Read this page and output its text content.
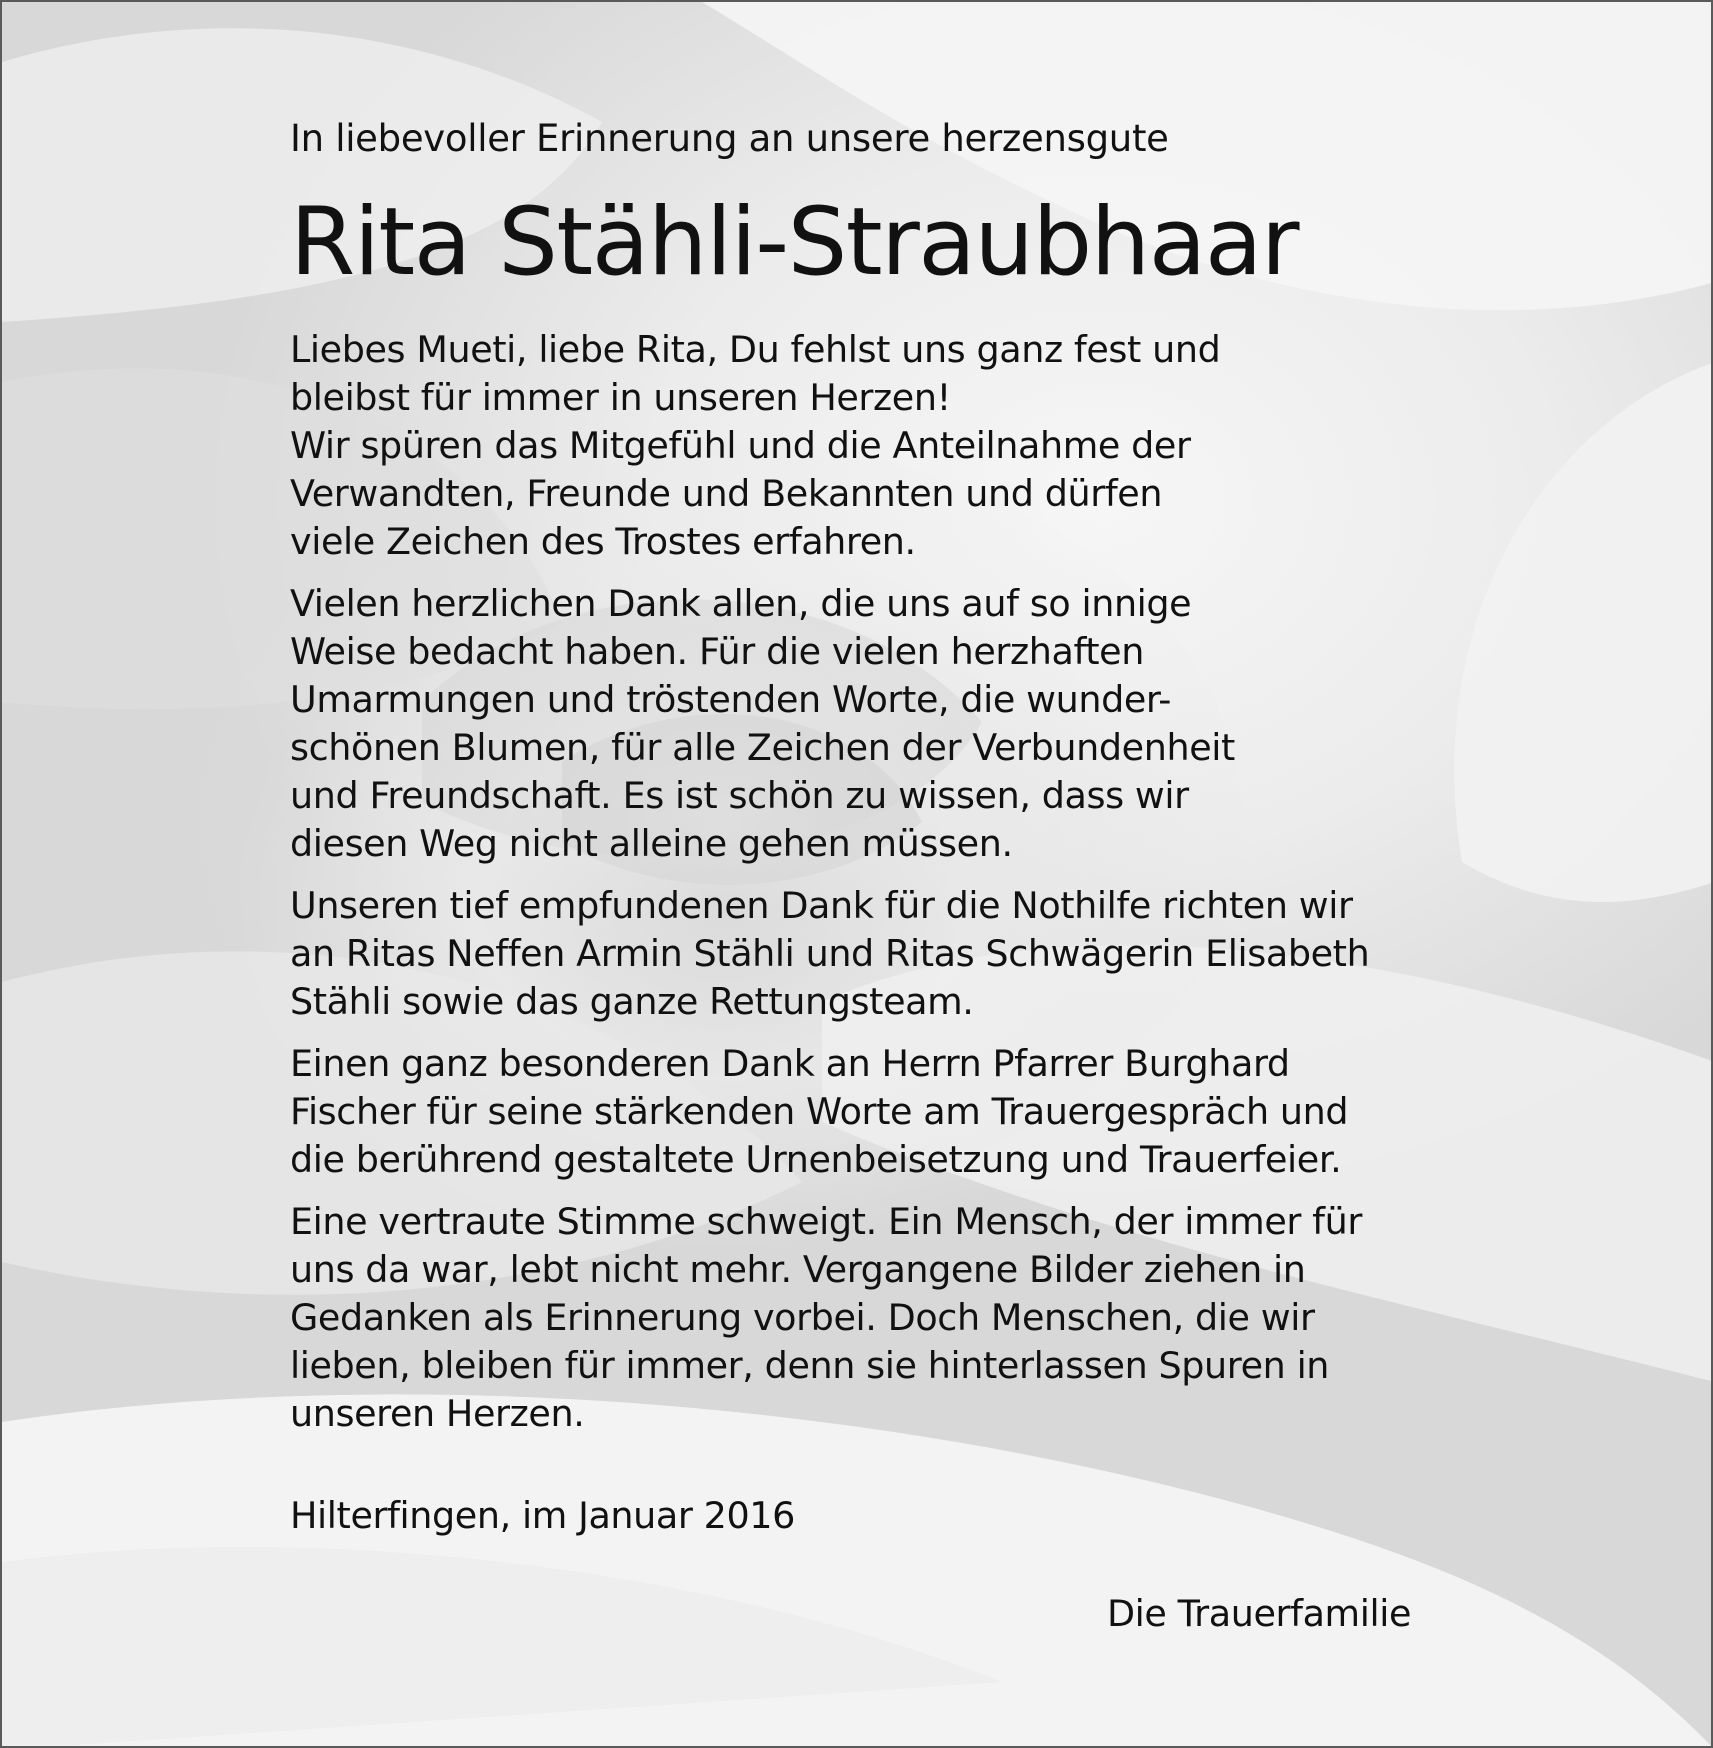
In liebevoller Erinnerung an unsere herzensgute

Rita Stähli-Straubhaar

Liebes Mueti, liebe Rita, Du fehlst uns ganz fest und
bleibst für immer in unseren Herzen!
Wir spüren das Mitgefühl und die Anteilnahme der
Verwandten, Freunde und Bekannten und dürfen
viele Zeichen des Trostes erfahren.

Vielen herzlichen Dank allen, die uns auf so innige
Weise bedacht haben. Für die vielen herzhaften
Umarmungen und tröstenden Worte, die wunder-
schönen Blumen, für alle Zeichen der Verbundenheit
und Freundschaft. Es ist schön zu wissen, dass wir
diesen Weg nicht alleine gehen müssen.

Unseren tief empfundenen Dank für die Nothilfe richten wir
an Ritas Neffen Armin Stähli und Ritas Schwägerin Elisabeth
Stähli sowie das ganze Rettungsteam.

Einen ganz besonderen Dank an Herrn Pfarrer Burghard
Fischer für seine stärkenden Worte am Trauergespräch und
die berührend gestaltete Urnenbeisetzung und Trauerfeier.

Eine vertraute Stimme schweigt. Ein Mensch, der immer für
uns da war, lebt nicht mehr. Vergangene Bilder ziehen in
Gedanken als Erinnerung vorbei. Doch Menschen, die wir
lieben, bleiben für immer, denn sie hinterlassen Spuren in
unseren Herzen.

Hilterfingen, im Januar 2016

Die Trauerfamilie
